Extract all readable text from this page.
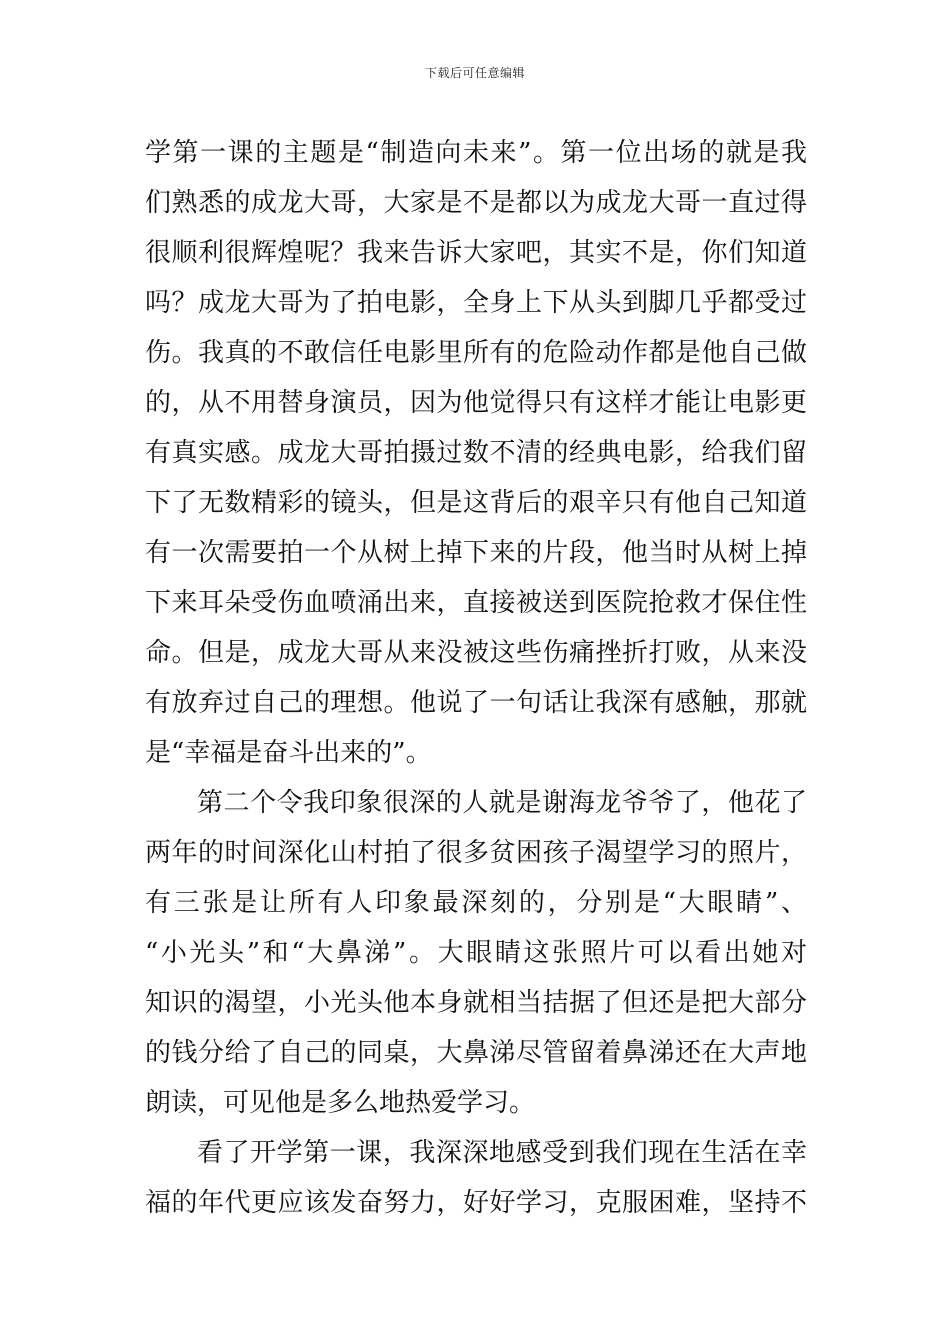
下载后可任意编辑
学第一课的主题是“制造向未来”。第一位出场的就是我
们熟悉的成龙大哥，大家是不是都以为成龙大哥一直过得
很顺利很辉煌呢？我来告诉大家吧，其实不是，你们知道
吗？成龙大哥为了拍电影，全身上下从头到脚几乎都受过
伤。我真的不敢信任电影里所有的危险动作都是他自己做
的，从不用替身演员，因为他觉得只有这样才能让电影更
有真实感。成龙大哥拍摄过数不清的经典电影，给我们留
下了无数精彩的镜头，但是这背后的艰辛只有他自己知道
有一次需要拍一个从树上掉下来的片段，他当时从树上掉
下来耳朵受伤血喷涌出来，直接被送到医院抢救才保住性
命。但是，成龙大哥从来没被这些伤痛挫折打败，从来没
有放弃过自己的理想。他说了一句话让我深有感触，那就
是“幸福是奋斗出来的”。
第二个令我印象很深的人就是谢海龙爷爷了，他花了
两年的时间深化山村拍了很多贫困孩子渴望学习的照片，
有三张是让所有人印象最深刻的，分别是“大眼睛”、
“小光头”和“大鼻涕”。大眼睛这张照片可以看出她对
知识的渴望，小光头他本身就相当拮据了但还是把大部分
的钱分给了自己的同桌，大鼻涕尽管留着鼻涕还在大声地
朗读，可见他是多么地热爱学习。
看了开学第一课，我深深地感受到我们现在生活在幸
福的年代更应该发奋努力，好好学习，克服困难，坚持不
